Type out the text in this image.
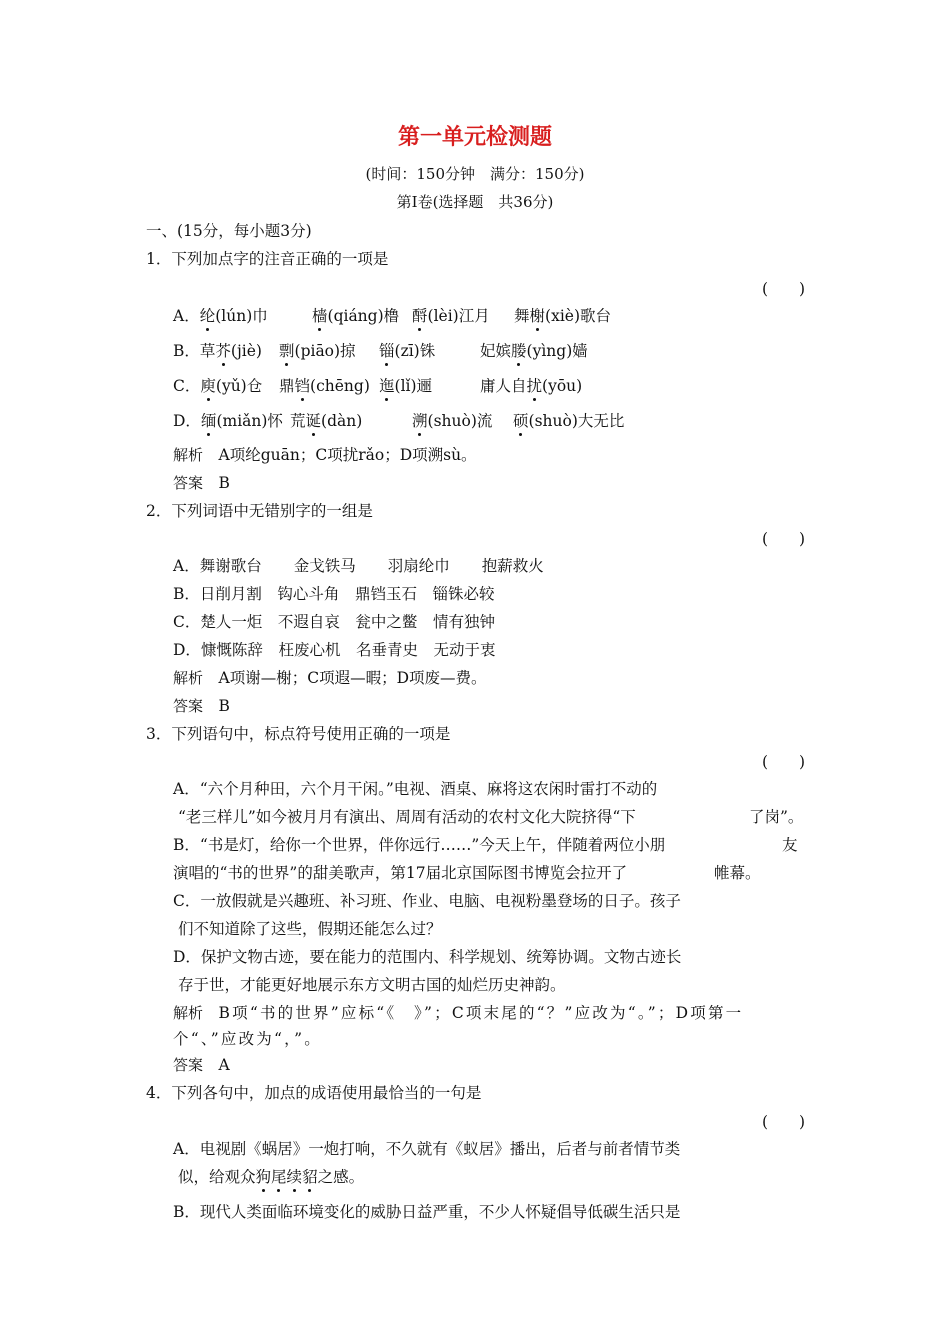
第一单元检测题
(时间：150分钟　满分：150分)
第Ⅰ卷(选择题　共36分)
一、(15分，每小题3分)
1．下列加点字的注音正确的一项是
(　　)
A．纶(lún)巾	樯(qiáng)橹 酹(lèi)江月 舞榭(xiè)歌台
B．草芥(jiè) 剽(piāo)掠 锱(zī)铢	妃嫔媵(yìng)嫱
C．庾(yǔ)仓 鼎铛(chēng) 迤(lǐ)逦	庸人自扰(yōu)
D．缅(miǎn)怀 荒诞(dàn)	溯(shuò)流 硕(shuò)大无比
解析　 A项纶guān；C项扰rǎo；D项溯sù。
答案　 B
2．下列词语中无错别字的一组是
(　　)
A．舞谢歌台 金戈铁马 羽扇纶巾 抱薪救火
B．日削月割　 钩心斗角　 鼎铛玉石　 锱铢必较
C．楚人一炬　 不遐自哀　 瓮中之鳖　 情有独钟
D．慷慨陈辞　 枉废心机　 名垂青史　 无动于衷
解析　 A项谢—榭；C项遐—暇；D项废—费。
答案　 B
3．下列语句中，标点符号使用正确的一项是
(　　)
A．“六个月种田，六个月干闲。”电视、酒桌、麻将这农闲时雷打不动的
“老三样儿”如今被月月有演出、周周有活动的农村文化大院挤得“下	了岗”。
B．“书是灯，给你一个世界，伴你远行……”今天上午，伴随着两位小朋	友
演唱的“书的世界”的甜美歌声，第17届北京国际图书博览会拉开了	帷幕。
C．一放假就是兴趣班、补习班、作业、电脑、电视粉墨登场的日子。孩子
们不知道除了这些，假期还能怎么过？
D．保护文物古迹，要在能力的范围内、科学规划、统筹协调。文物古迹长
存于世，才能更好地展示东方文明古国的灿烂历史神韵。
解析　 B项“书的世界”应标“《　》”；C项末尾的“？”应改为“。”；D项第一
个“、”应改为“，”。
答案　 A
4．下列各句中，加点的成语使用最恰当的一句是
(　　)
A．电视剧《蜗居》一炮打响，不久就有《蚁居》播出，后者与前者情节类
似，给观众狗尾续貂之感。
B．现代人类面临环境变化的威胁日益严重，不少人怀疑倡导低碳生活只是
